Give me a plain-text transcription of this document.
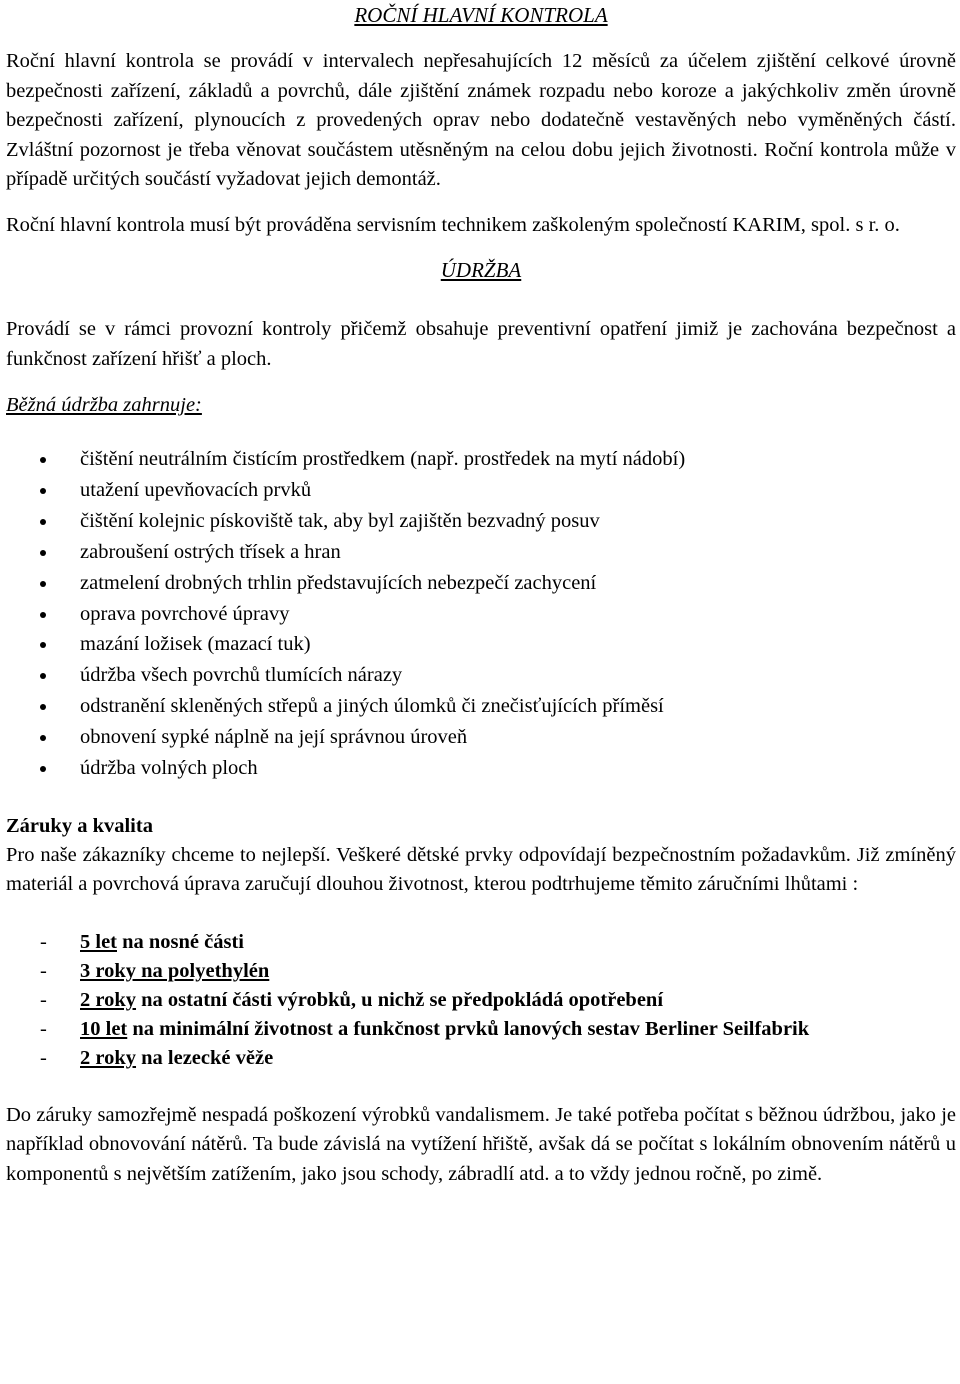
ROČNÍ HLAVNÍ KONTROLA

Roční hlavní kontrola se provádí v intervalech nepřesahujících 12 měsíců za účelem zjištění celkové úrovně bezpečnosti zařízení, základů a povrchů, dále zjištění známek rozpadu nebo koroze a jakýchkoliv změn úrovně bezpečnosti zařízení, plynoucích z provedených oprav nebo dodatečně vestavěných nebo vyměněných částí. Zvláštní pozornost je třeba věnovat součástem utěsněným na celou dobu jejich životnosti. Roční kontrola může v případě určitých součástí vyžadovat jejich demontáž.

Roční hlavní kontrola musí být prováděna servisním technikem zaškoleným společností KARIM, spol. s r. o.

ÚDRŽBA

Provádí se v rámci provozní kontroly přičemž obsahuje preventivní opatření jimiž je zachována bezpečnost a funkčnost zařízení hřišť a ploch.

Běžná údržba zahrnuje:

čištění neutrálním čistícím prostředkem (např. prostředek na mytí nádobí)
utažení upevňovacích prvků
čištění kolejnic pískoviště tak, aby byl zajištěn bezvadný posuv
zabroušení ostrých třísek a hran
zatmelení drobných trhlin představujících nebezpečí zachycení
oprava povrchové úpravy
mazání ložisek (mazací tuk)
údržba všech povrchů tlumících nárazy
odstranění skleněných střepů a jiných úlomků či znečisťujících příměsí
obnovení sypké náplně na její správnou úroveň
údržba volných ploch

Záruky a kvalita

Pro naše zákazníky chceme to nejlepší. Veškeré dětské prvky odpovídají bezpečnostním požadavkům. Již zmíněný materiál a povrchová úprava zaručují dlouhou životnost, kterou podtrhujeme těmito záručními lhůtami :

- 5 let na nosné části
- 3 roky na polyethylén
- 2 roky na ostatní části výrobků, u nichž se předpokládá opotřebení
- 10 let na minimální životnost a funkčnost prvků lanových sestav Berliner Seilfabrik
- 2 roky na lezecké věže

Do záruky samozřejmě nespadá poškození výrobků vandalismem. Je také potřeba počítat s běžnou údržbou, jako je například obnovování nátěrů. Ta bude závislá na vytížení hřiště, avšak dá se počítat s lokálním obnovením nátěrů u komponentů s největším zatížením, jako jsou schody, zábradlí atd. a to vždy jednou ročně, po zimě.
